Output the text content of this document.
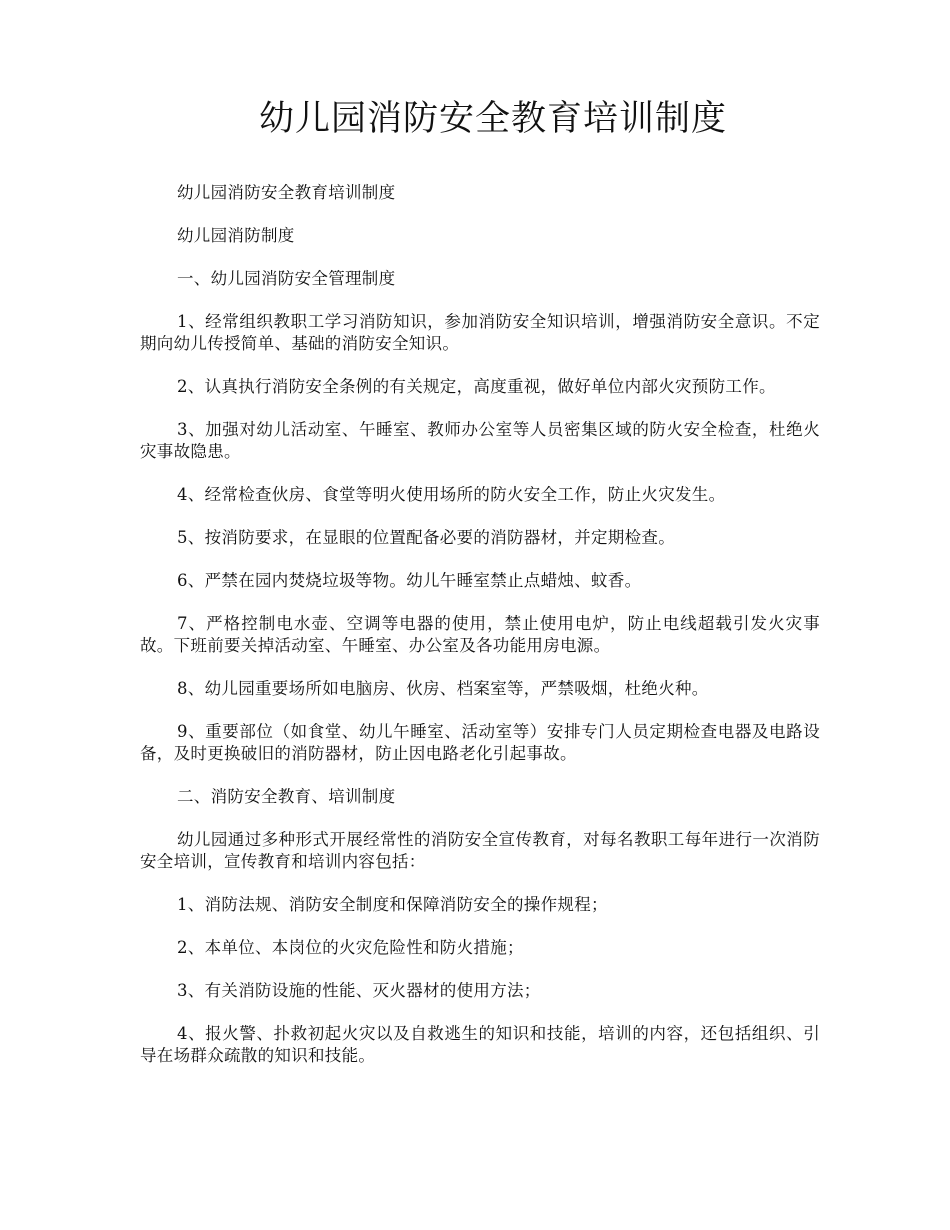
幼儿园消防安全教育培训制度

幼儿园消防安全教育培训制度

幼儿园消防制度

一、幼儿园消防安全管理制度

1、经常组织教职工学习消防知识，参加消防安全知识培训，增强消防安全意识。不定期向幼儿传授简单、基础的消防安全知识。

2、认真执行消防安全条例的有关规定，高度重视，做好单位内部火灾预防工作。

3、加强对幼儿活动室、午睡室、教师办公室等人员密集区域的防火安全检查，杜绝火灾事故隐患。

4、经常检查伙房、食堂等明火使用场所的防火安全工作，防止火灾发生。

5、按消防要求，在显眼的位置配备必要的消防器材，并定期检查。

6、严禁在园内焚烧垃圾等物。幼儿午睡室禁止点蜡烛、蚊香。

7、严格控制电水壶、空调等电器的使用，禁止使用电炉，防止电线超载引发火灾事故。下班前要关掉活动室、午睡室、办公室及各功能用房电源。

8、幼儿园重要场所如电脑房、伙房、档案室等，严禁吸烟，杜绝火种。

9、重要部位（如食堂、幼儿午睡室、活动室等）安排专门人员定期检查电器及电路设备，及时更换破旧的消防器材，防止因电路老化引起事故。

二、消防安全教育、培训制度

幼儿园通过多种形式开展经常性的消防安全宣传教育，对每名教职工每年进行一次消防安全培训，宣传教育和培训内容包括：

1、消防法规、消防安全制度和保障消防安全的操作规程；

2、本单位、本岗位的火灾危险性和防火措施；

3、有关消防设施的性能、灭火器材的使用方法；

4、报火警、扑救初起火灾以及自救逃生的知识和技能，培训的内容，还包括组织、引导在场群众疏散的知识和技能。
